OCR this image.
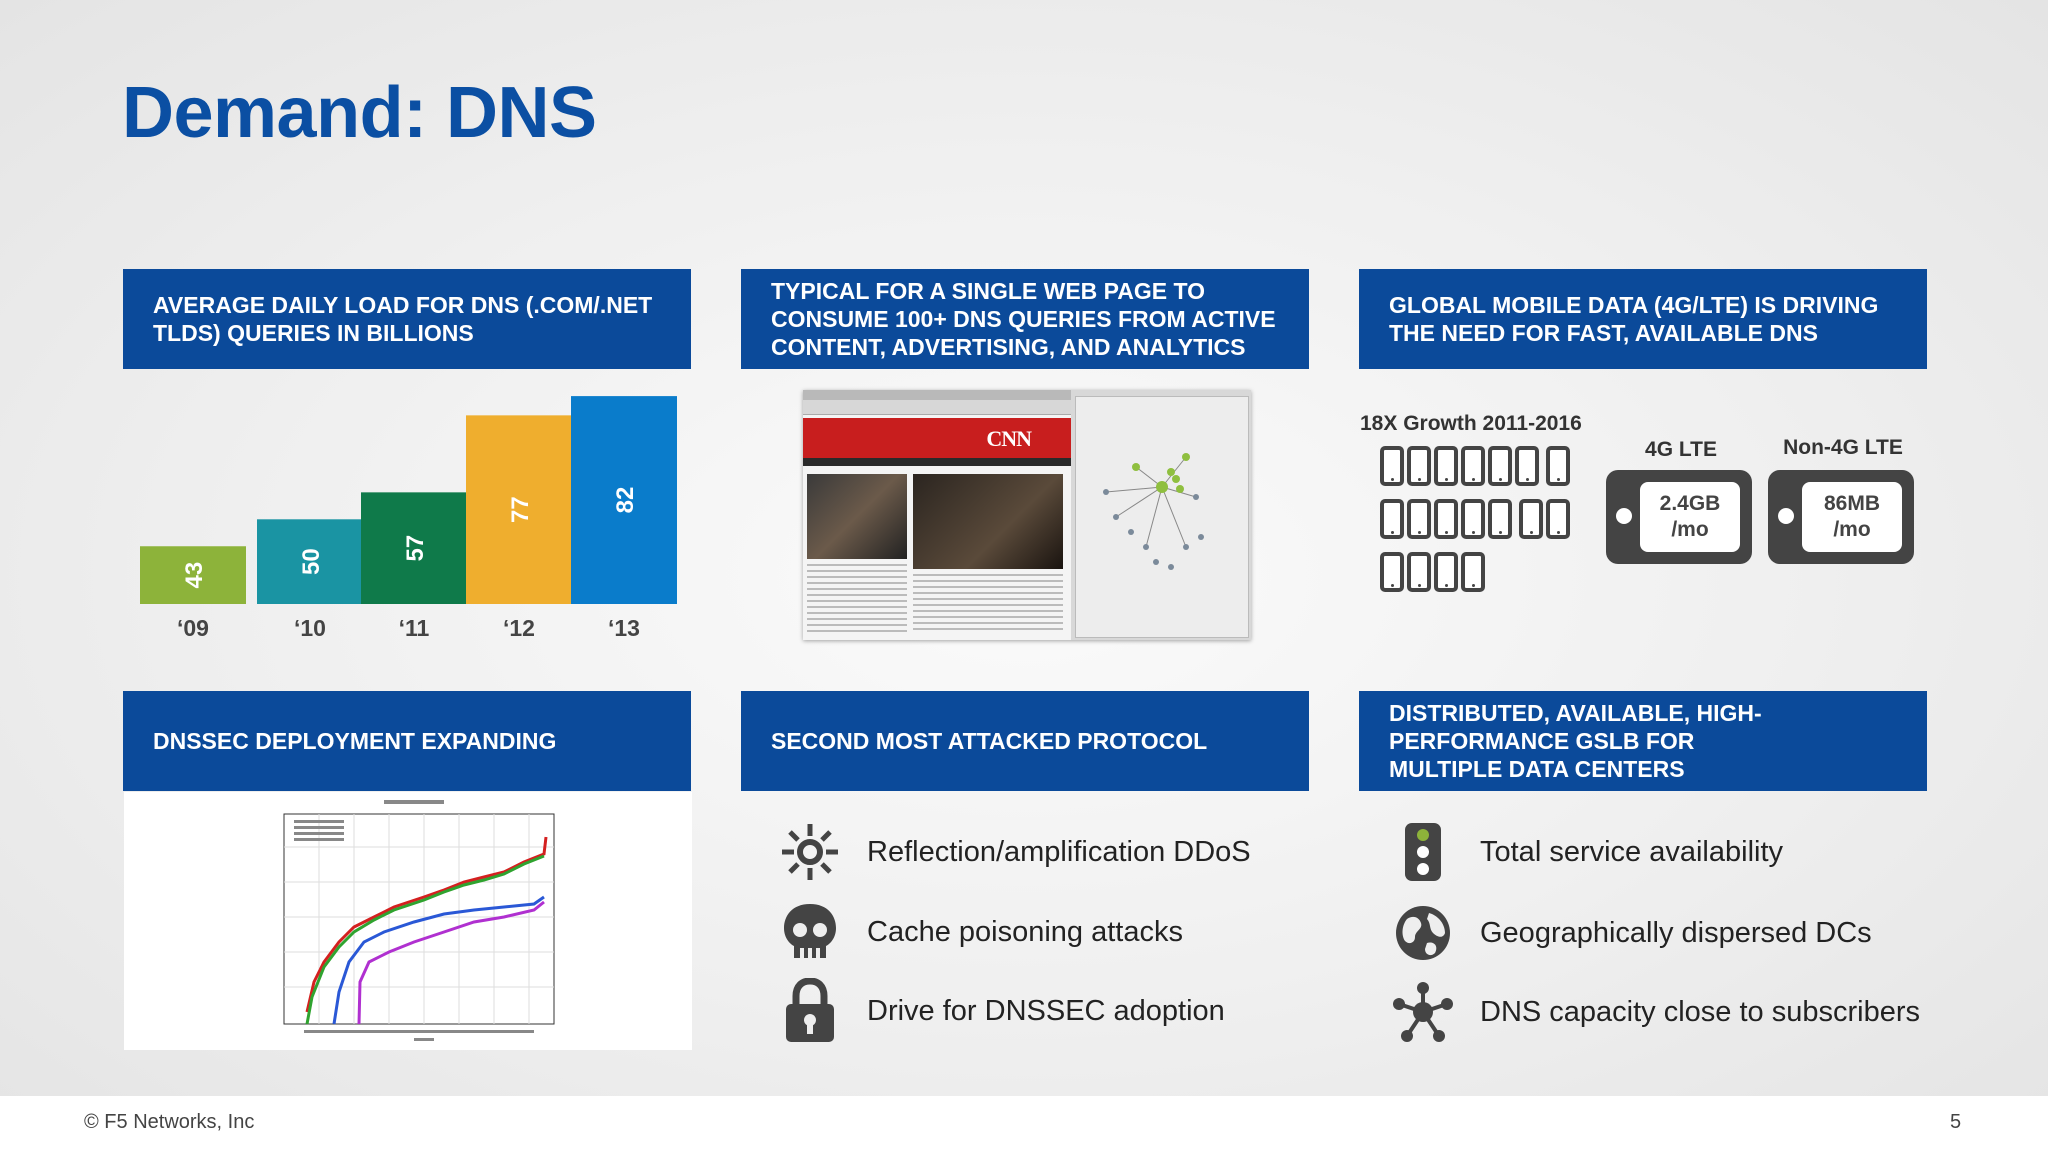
Demand: DNS
AVERAGE DAILY LOAD FOR DNS (.COM/.NET
TLDS) QUERIES IN BILLIONS
TYPICAL FOR A SINGLE WEB PAGE TO
CONSUME 100+ DNS QUERIES FROM ACTIVE
CONTENT, ADVERTISING, AND ANALYTICS
GLOBAL MOBILE DATA (4G/LTE) IS DRIVING
THE NEED FOR FAST, AVAILABLE DNS
DNSSEC DEPLOYMENT EXPANDING	SECOND MOST ATTACKED PROTOCOL
DISTRIBUTED, AVAILABLE, HIGH-
PERFORMANCE GSLB FOR
MULTIPLE DATA CENTERS
43
‘09
50
‘10
57
‘11
77
‘12
82
‘13
CNN
18X Growth 2011-2016

4G LTE
2.4GB
/mo
Non-4G LTE
86MB
/mo
Reflection/amplification DDoS
Cache poisoning attacks
Drive for DNSSEC adoption
Total service availability
Geographically dispersed DCs
DNS capacity close to subscribers
© F5 Networks, Inc	5
